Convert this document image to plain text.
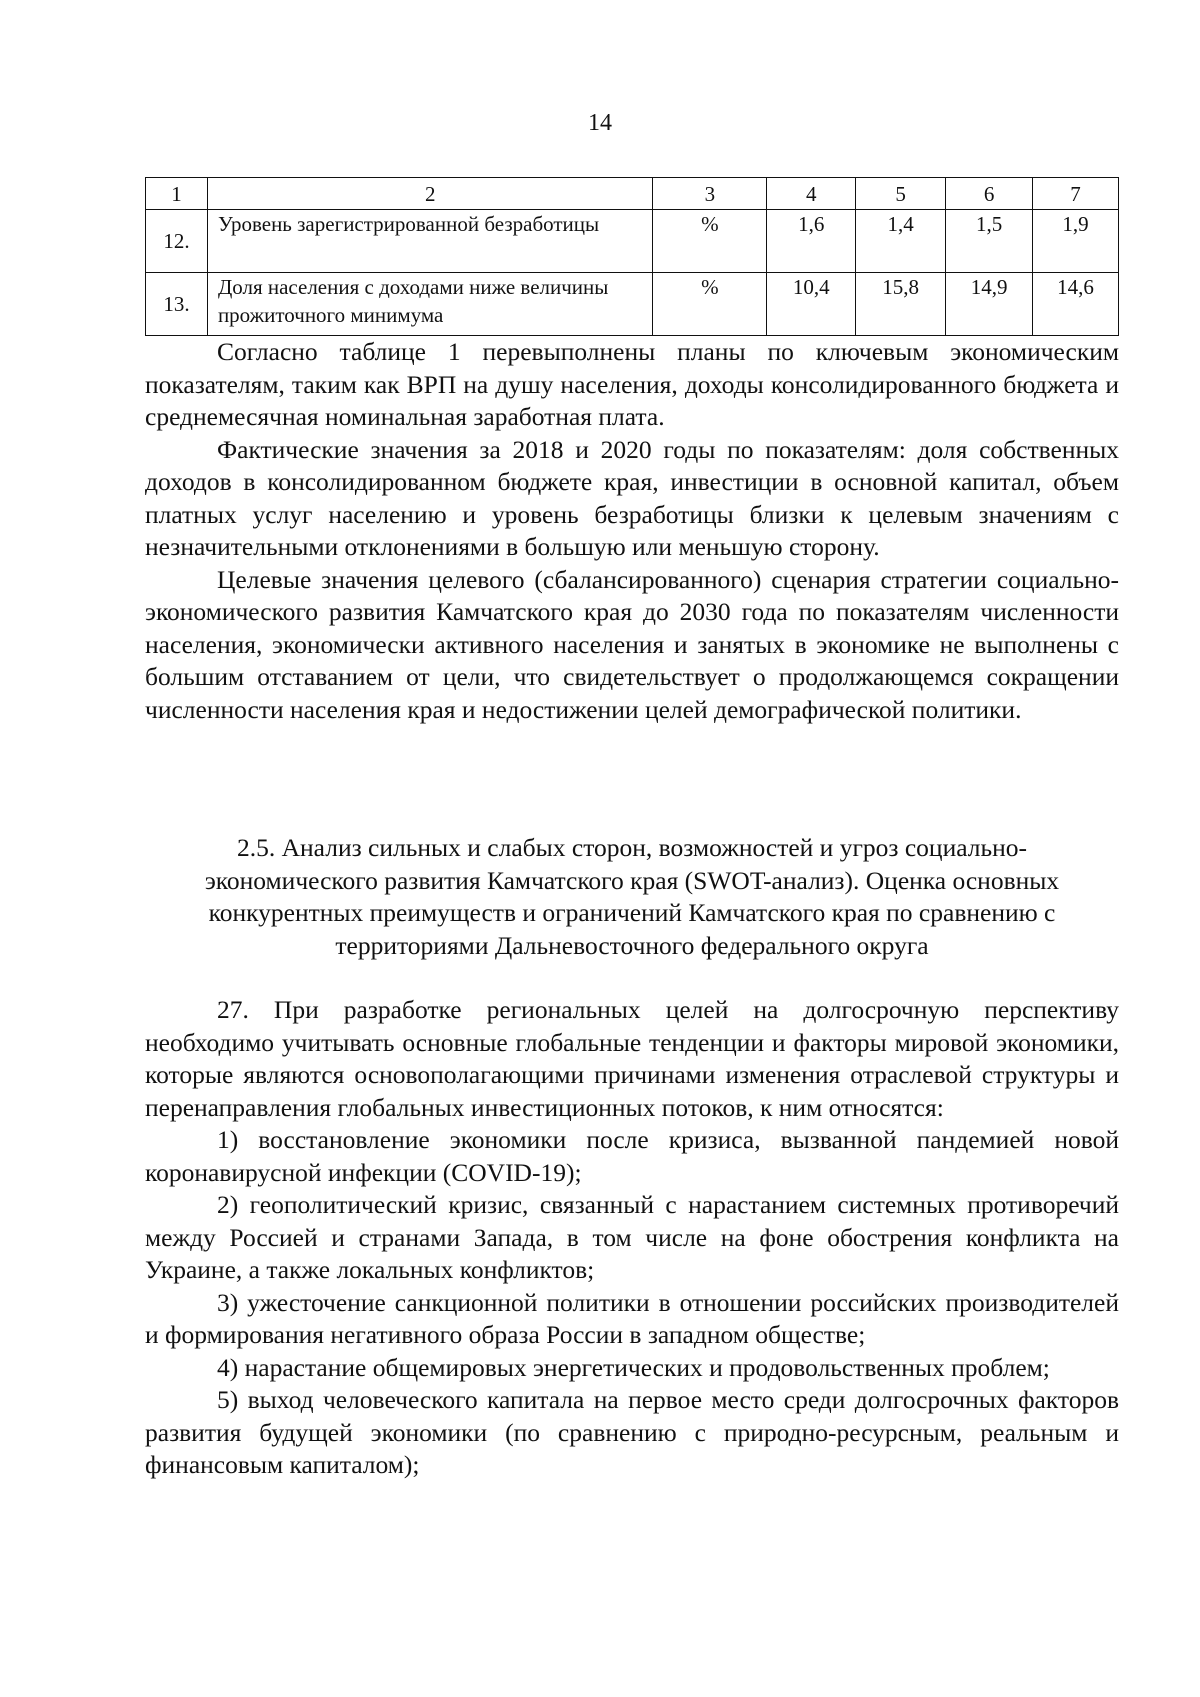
14
1	2	3	4	5	6	7
12.	Уровень зарегистрированной безработицы	%	1,6	1,4	1,5	1,9
13.	Доля населения с доходами ниже величины прожиточного минимума	%	10,4	15,8	14,9	14,6

Согласно таблице 1 перевыполнены планы по ключевым экономическим показателям, таким как ВРП на душу населения, доходы консолидированного бюджета и среднемесячная номинальная заработная плата.

Фактические значения за 2018 и 2020 годы по показателям: доля собственных доходов в консолидированном бюджете края, инвестиции в основной капитал, объем платных услуг населению и уровень безработицы близки к целевым значениям с незначительными отклонениями в большую или меньшую сторону.

Целевые значения целевого (сбалансированного) сценария стратегии социально-экономического развития Камчатского края до 2030 года по показателям численности населения, экономически активного населения и занятых в экономике не выполнены с большим отставанием от цели, что свидетельствует о продолжающемся сокращении численности населения края и недостижении целей демографической политики.

2.5. Анализ сильных и слабых сторон, возможностей и угроз социально-

экономического развития Камчатского края (SWOT-анализ). Оценка основных

конкурентных преимуществ и ограничений Камчатского края по сравнению с

территориями Дальневосточного федерального округа

27. При разработке региональных целей на долгосрочную перспективу необходимо учитывать основные глобальные тенденции и факторы мировой экономики, которые являются основополагающими причинами изменения отраслевой структуры и перенаправления глобальных инвестиционных потоков, к ним относятся:

1) восстановление экономики после кризиса, вызванной пандемией новой коронавирусной инфекции (COVID-19);

2) геополитический кризис, связанный с нарастанием системных противоречий между Россией и странами Запада, в том числе на фоне обострения конфликта на Украине, а также локальных конфликтов;

3) ужесточение санкционной политики в отношении российских производителей и формирования негативного образа России в западном обществе;

4) нарастание общемировых энергетических и продовольственных проблем;

5) выход человеческого капитала на первое место среди долгосрочных факторов развития будущей экономики (по сравнению с природно-ресурсным, реальным и финансовым капиталом);
